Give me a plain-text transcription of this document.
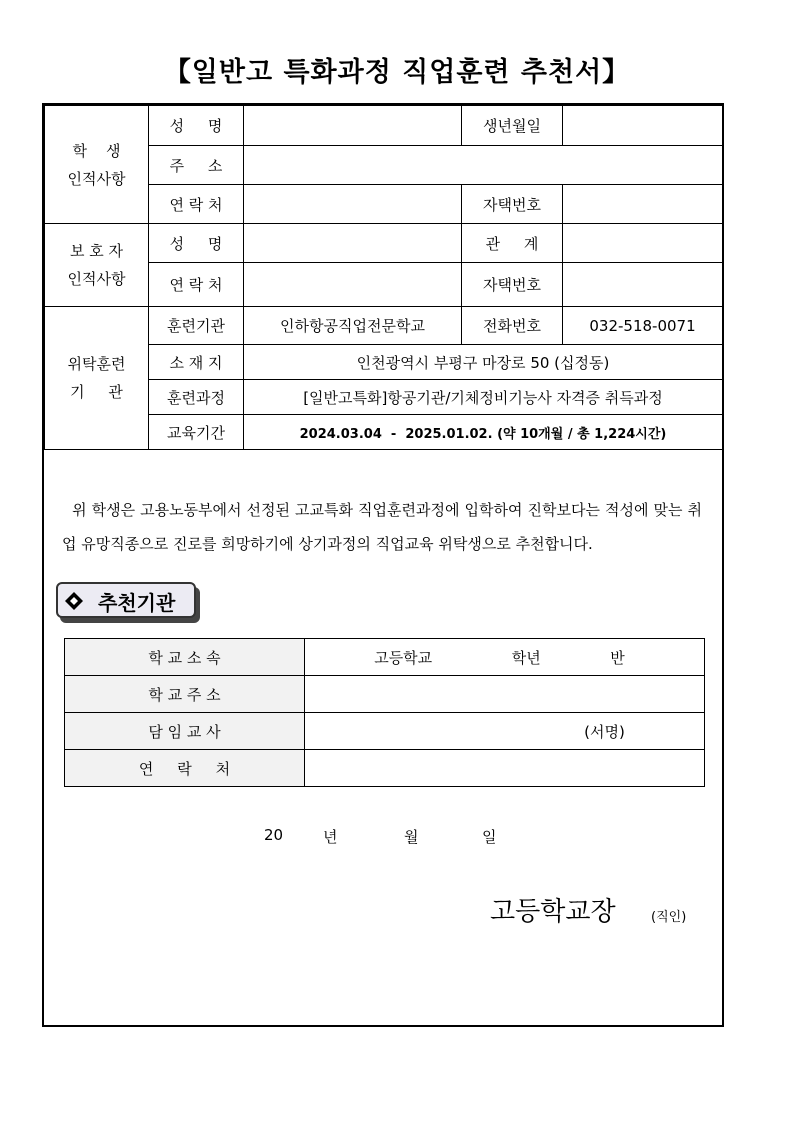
【일반고 특화과정 직업훈련 추천서】
학    생
인적사항	성     명		생년월일	
	주     소			
	연 락 처		자택번호	

보 호 자
인적사항	성     명		관     계	
	연 락 처		자택번호	

위탁훈련
기     관	훈련기관	인하항공직업전문학교	전화번호	032-518-0071
	소 재 지	인천광역시 부평구 마장로 50 (십정동)		
	훈련과정	[일반고특화]항공기관/기체정비기능사 자격증 취득과정		
	교육기간	2024.03.04  -  2025.01.02. (약 10개월 / 총 1,224시간)		
위 학생은 고용노동부에서 선정된 고교특화 직업훈련과정에 입학하여 진학보다는 적성에 맞는 취업 유망직종으로 진로를 희망하기에 상기과정의 직업교육 위탁생으로 추천합니다.
추천기관
학 교 소 속	고등학교 학년 반
학 교 주 소	
담 임 교 사	(서명)
연     락     처	
20	년	월	일
고등학교장	(직인)
